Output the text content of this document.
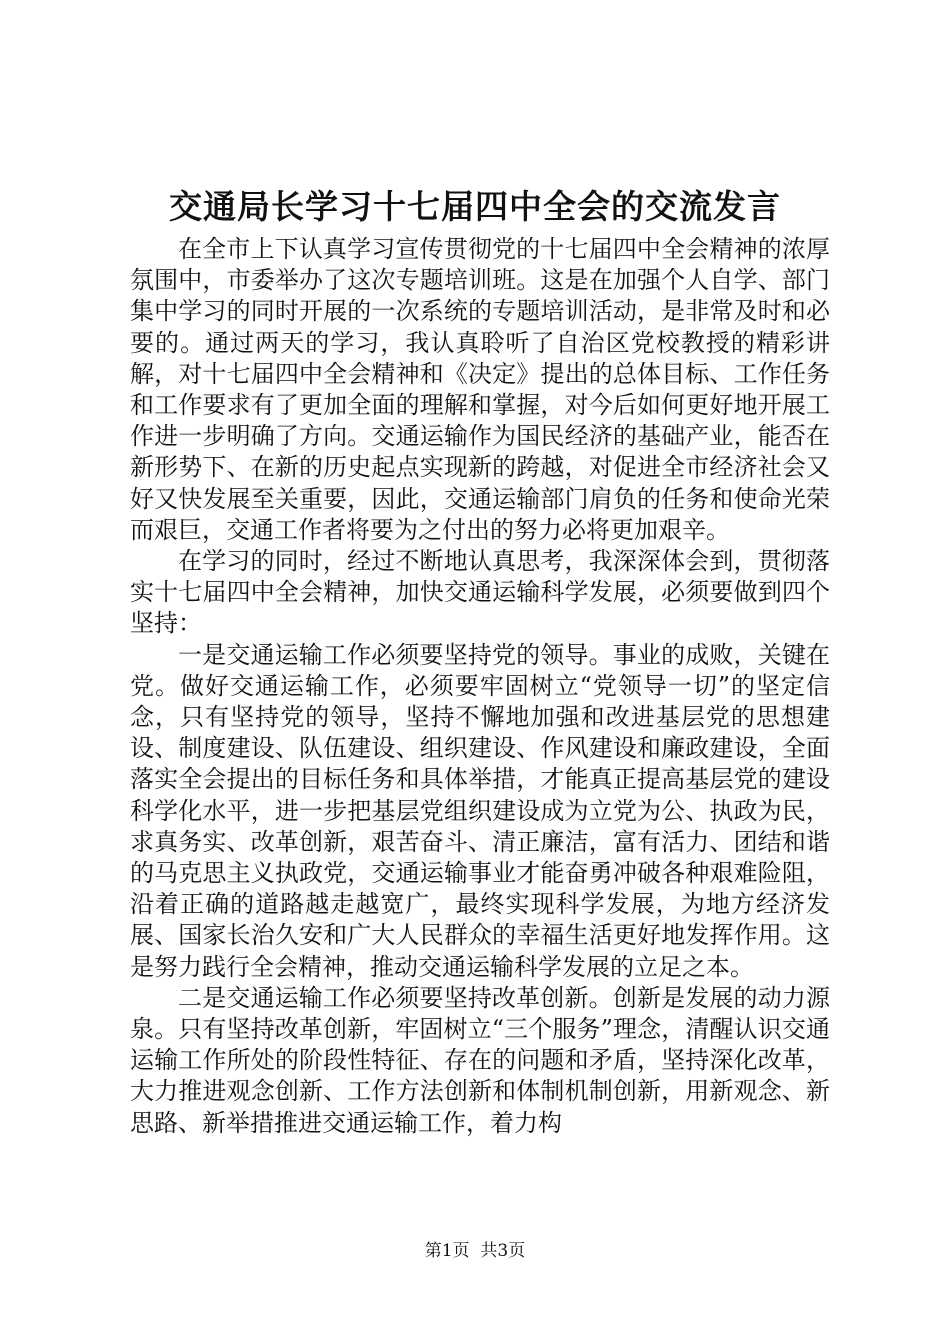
交通局长学习十七届四中全会的交流发言

在全市上下认真学习宣传贯彻党的十七届四中全会精神的浓厚氛围中，市委举办了这次专题培训班。这是在加强个人自学、部门集中学习的同时开展的一次系统的专题培训活动，是非常及时和必要的。通过两天的学习，我认真聆听了自治区党校教授的精彩讲解，对十七届四中全会精神和《决定》提出的总体目标、工作任务和工作要求有了更加全面的理解和掌握，对今后如何更好地开展工作进一步明确了方向。交通运输作为国民经济的基础产业，能否在新形势下、在新的历史起点实现新的跨越，对促进全市经济社会又好又快发展至关重要，因此，交通运输部门肩负的任务和使命光荣而艰巨，交通工作者将要为之付出的努力必将更加艰辛。

在学习的同时，经过不断地认真思考，我深深体会到，贯彻落实十七届四中全会精神，加快交通运输科学发展，必须要做到四个坚持：

一是交通运输工作必须要坚持党的领导。事业的成败，关键在党。做好交通运输工作，必须要牢固树立“党领导一切”的坚定信念，只有坚持党的领导，坚持不懈地加强和改进基层党的思想建设、制度建设、队伍建设、组织建设、作风建设和廉政建设，全面落实全会提出的目标任务和具体举措，才能真正提高基层党的建设科学化水平，进一步把基层党组织建设成为立党为公、执政为民，求真务实、改革创新，艰苦奋斗、清正廉洁，富有活力、团结和谐的马克思主义执政党，交通运输事业才能奋勇冲破各种艰难险阻，沿着正确的道路越走越宽广，最终实现科学发展，为地方经济发展、国家长治久安和广大人民群众的幸福生活更好地发挥作用。这是努力践行全会精神，推动交通运输科学发展的立足之本。

二是交通运输工作必须要坚持改革创新。创新是发展的动力源泉。只有坚持改革创新，牢固树立“三个服务”理念，清醒认识交通运输工作所处的阶段性特征、存在的问题和矛盾，坚持深化改革，大力推进观念创新、工作方法创新和体制机制创新，用新观念、新思路、新举措推进交通运输工作，着力构

第1页  共3页
